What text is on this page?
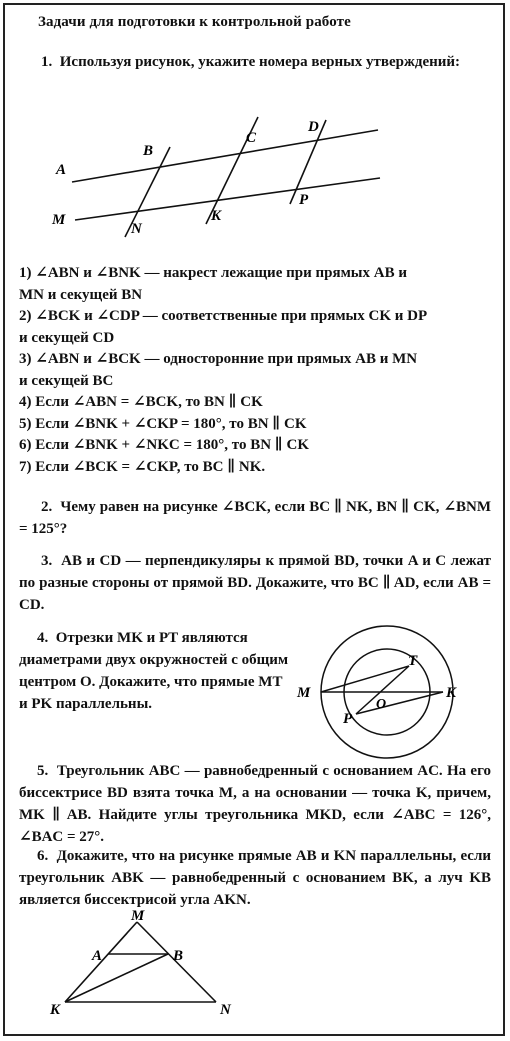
Задачи для подготовки к контрольной работе
1. Используя рисунок, укажите номера верных утверждений:
A
B
C
D
M
N
K
P
1) ∠ABN и ∠BNK — накрест лежащие при прямых AB и
MN и секущей BN
2) ∠BCK и ∠CDP — соответственные при прямых CK и DP
и секущей CD
3) ∠ABN и ∠BCK — односторонние при прямых AB и MN
и секущей BC
4) Если ∠ABN = ∠BCK, то BN ∥ CK
5) Если ∠BNK + ∠CKP = 180°, то BN ∥ CK
6) Если ∠BNK + ∠NKC = 180°, то BN ∥ CK
7) Если ∠BCK = ∠CKP, то BC ∥ NK.
2. Чему равен на рисунке ∠BCK, если BC ∥ NK, BN ∥ CK, ∠BNM = 125°?
3. AB и CD — перпендикуляры к прямой BD, точки A и C лежат по разные стороны от прямой BD. Докажите, что BC ∥ AD, если AB = CD.
4. Отрезки MK и PT являются диаметрами двух окружностей с общим центром O. Докажите, что прямые MT и PK параллельны.
M	K
T
O
P
5. Треугольник ABC — равнобедренный с основанием AC. На его биссектрисе BD взята точка M, а на основании — точка K, причем, MK ∥ AB. Найдите углы треугольника MKD, если ∠ABC = 126°, ∠BAC = 27°.
6. Докажите, что на рисунке прямые AB и KN параллельны, если треугольник ABK — равнобедренный с основанием BK, а луч KB является биссектрисой угла AKN.
M
A	B
K	N
